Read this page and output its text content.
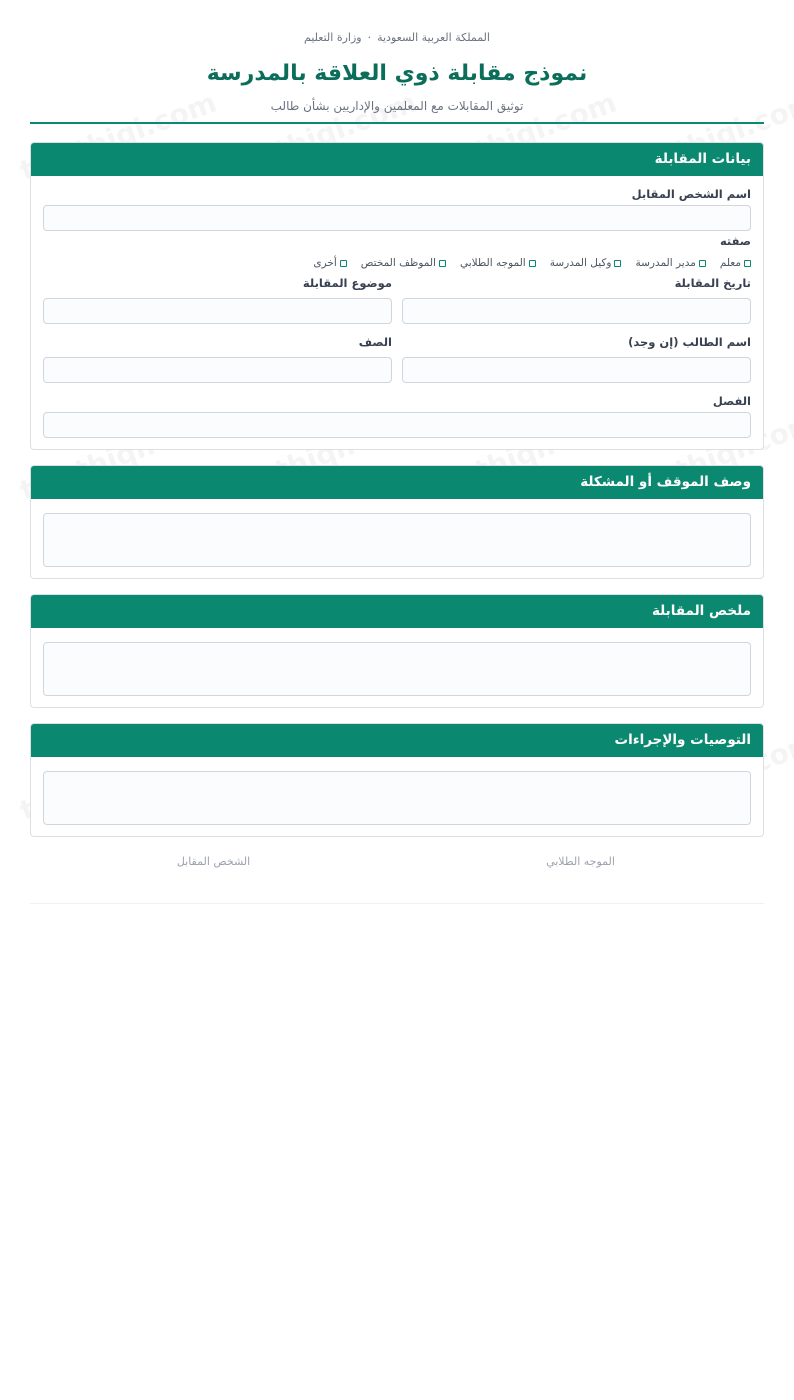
المملكة العربية السعودية·وزارة التعليم
نموذج مقابلة ذوي العلاقة بالمدرسة
توثيق المقابلات مع المعلمين والإداريين بشأن طالب
بيانات المقابلة
اسم الشخص المقابل
صفته
معلم
مدير المدرسة
وكيل المدرسة
الموجه الطلابي
الموظف المختص
أخرى
تاريخ المقابلة
موضوع المقابلة
اسم الطالب (إن وجد)
الصف
الفصل
وصف الموقف أو المشكلة
ملخص المقابلة
التوصيات والإجراءات
الموجه الطلابي
الشخص المقابل
